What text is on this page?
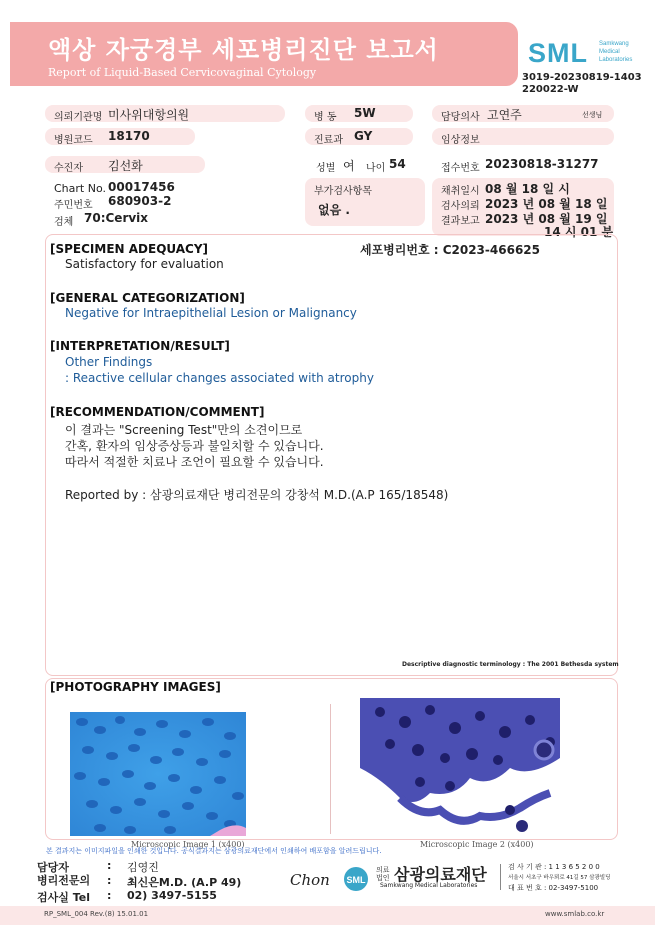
액상 자궁경부 세포병리진단 보고서
Report of Liquid-Based Cervicovaginal Cytology
SML Samkwang
Medical
Laboratories
3019-20230819-1403
220022-W
의뢰기관명 미사위대항의원	병 동 5W	담당의사 고연주	선생님
병원코드 18170	진료과 GY	임상정보
수진자 김선화	성별 여 나이 54	접수번호 20230818-31277
Chart No. 00017456
주민번호 680903-2
검체 70:Cervix
부가검사항목
없음 .
채취일시 08 월 18 일 시
검사의뢰 2023 년 08 월 18 일
결과보고 2023 년 08 월 19 일
14 시 01 분
[SPECIMEN ADEQUACY]	세포병리번호 : C2023-466625
Satisfactory for evaluation
[GENERAL CATEGORIZATION]
Negative for Intraepithelial Lesion or Malignancy
[INTERPRETATION/RESULT]
Other Findings
: Reactive cellular changes associated with atrophy
[RECOMMENDATION/COMMENT]
이 결과는 "Screening Test"만의 소견이므로
간혹, 환자의 임상증상등과 불일치할 수 있습니다.
따라서 적절한 치료나 조언이 필요할 수 있습니다.
Reported by : 삼광의료재단 병리전문의 강창석 M.D.(A.P 165/18548)
Descriptive diagnostic terminology : The 2001 Bethesda system
[PHOTOGRAPHY IMAGES]
Microscopic Image 1 (x400)	Microscopic Image 2 (x400)
본 결과지는 이미지파일을 인쇄한 것입니다. 공식결과지는 삼광의료재단에서 인쇄하여 배포함을 알려드립니다.
담당자	: 김영진
병리전문의 : 최신은M.D. (A.P 49)
검사실 Tel : 02) 3497-5155
Chon SML
의료
법인 삼광의료재단
Samkwang Medical Laboratories
검 사 기 관 : 1 1 3 6 5 2 0 0
서울시 서초구 바우뫼로 41길 57 삼광빌딩
대 표 번 호 : 02-3497-5100
RP_SML_004 Rev.(8) 15.01.01	www.smlab.co.kr
